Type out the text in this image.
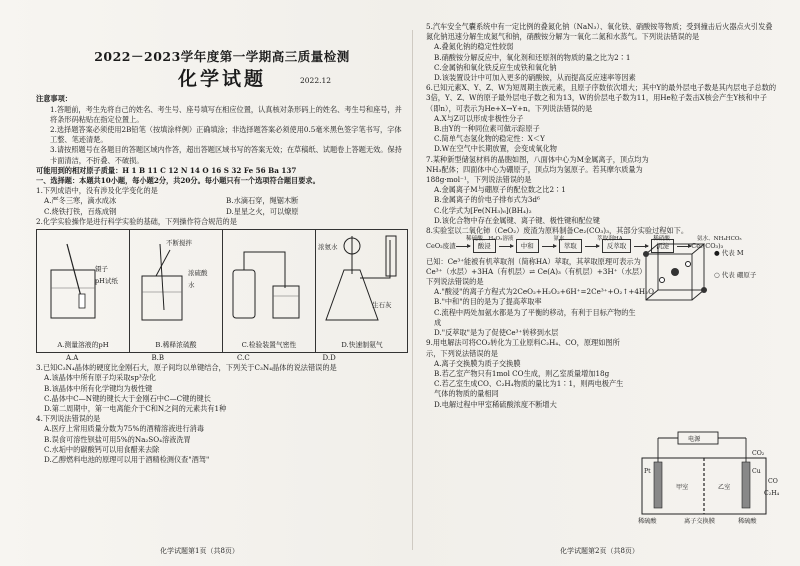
2022－2023学年度第一学期高三质量检测
化学试题
注意事项：

1.答题前，考生先将自己的姓名、考生号、座号填写在相应位置，认真核对条形码上的姓名、考生号和座号，并将条形码粘贴在指定位置上。

2.选择题答案必须使用2B铅笔（按填涂样例）正确填涂；非选择题答案必须使用0.5毫米黑色签字笔书写，字体工整、笔迹清楚。

3.请按照题号在各题目的答题区域内作答，超出答题区域书写的答案无效；在草稿纸、试题卷上答题无效。保持卡面清洁，不折叠、不破损。

可能用到的相对原子质量：H 1 B 11 C 12 N 14 O 16 S 32 Fe 56 Ba 137

一、选择题：本题共10小题，每小题2分，共20分。每小题只有一个选项符合题目要求。

1.下列成语中，没有涉及化学变化的是

A.严冬三寒，滴水成冰	B.水滴石穿，绳锯木断
C.烧铁打铁，百炼成钢	D.星星之火，可以燎原

2.化学实验操作是进行科学实验的基础，下列操作符合规范的是

镊子
pH试纸
A.测量溶液的pH
不断搅拌
浓硫酸
水
B.稀释浓硫酸	C.检验装置气密性
浓氨水
生石灰
D.快速制氨气
A.A	B.B	C.C	D.D

3.已知C₃N₄晶体的硬度比金刚石大，原子间均以单键结合，下列关于C₃N₄晶体的说法错误的是

A.该晶体中所有原子均采取sp³杂化

B.该晶体中所有化学键均为极性键

C.晶体中C—N键的键长大于金刚石中C—C键的键长

D.第二周期中，第一电离能介于C和N之间的元素共有1种

4.下列说法错误的是

A.医疗上常用质量分数为75%的酒精溶液进行消毒

B.误食可溶性钡盐可用5%的Na₂SO₄溶液洗胃

C.水垢中的碳酸钙可以用食醋来去除

D.乙醇燃料电池的原理可以用于酒精检测仪查"酒驾"

2022.12
化学试题第1页（共8页）

5.汽车安全气囊系统中有一定比例的叠氮化钠（NaN₃）、氧化铁、硝酸铵等物质；受到撞击后火器点火引发叠氮化钠迅速分解生成氮气和钠，硝酸铵分解为一氧化二氮和水蒸气。下列说法错误的是

A.叠氮化钠的稳定性较弱

B.硝酸铵分解反应中，氧化剂和还原剂的物质的量之比为2∶1

C.金属钠和氧化铁反应生成铁和氧化钠

D.该装置设计中可加入更多的硝酸铵，从而提高反应速率等因素

6.已知元素X、Y、Z、W为短周期主族元素，且原子序数依次增大；其中Y的最外层电子数是其内层电子总数的3倍，Y、Z、W的原子最外层电子数之和为13，W的价层电子数为11，用He粒子轰击X核会产生Y核和中子（即n），可表示为He+X→Y+n。下列说法错误的是

A.X与Z可以形成非极性分子

B.由Y的一种同位素可做示踪原子

C.简单气态氢化物的稳定性：X＜Y

D.W在空气中长期放置，会变成氧化物

7.某种新型储氢材料的晶胞如图，八面体中心为M金属离子，顶点均为NH₃配体；四面体中心为硼原子，顶点均为氢原子。若其摩尔质量为188g·mol⁻¹，下列说法错误的是

A.金属离子M与硼原子的配位数之比2∶1

B.金属离子的价电子排布式为3d⁶

C.化学式为[Fe(NH₃)₆](BH₄)₂

D.该化合物中存在金属键、离子键、极性键和配位键

8.实验室以二氧化铈（CeO₂）废渣为原料制备Ce₂(CO₃)₃，其部分实验过程如下。

CeO₂废渣	酸浸	中和	萃取	反萃取	沉淀	Ce₂(CO₃)₃
稀硫酸、H₂O₂溶液	氨水	萃取剂HA	稀硝酸	氨水、NH₄HCO₃

已知：Ce³⁺能被有机萃取剂（简称HA）萃取，其萃取原理可表示为

Ce³⁺（水层）+3HA（有机层）⇌ Ce(A)₃（有机层）+3H⁺（水层）

下列说法错误的是

A."酸浸"的离子方程式为2CeO₂+H₂O₂+6H⁺=2Ce³⁺+O₂↑+4H₂O

B."中和"的目的是为了提高萃取率

C.流程中两处加氨水都是为了平衡的移动，有利于目标产物的生成

D."反萃取"是为了促使Ce³⁺转移到水层

9.用电解法可将CO₂转化为工业原料C₂H₄、CO，原理如图所示，下列说法错误的是

A.离子交换膜为质子交换膜

B.若乙室产物只有1mol CO生成，则乙室质量增加18g

C.若乙室生成CO、C₂H₄物质的量比为1∶1，则两电极产生气体的物质的量相同

D.电解过程中甲室稀硫酸浓度不断增大

● 代表 M
○ 代表 硼原子
电源
CO₂
Pt	Cu
甲室	乙室
CO
C₂H₄
稀硫酸	离子交换膜	稀硫酸
化学试题第2页（共8页）
